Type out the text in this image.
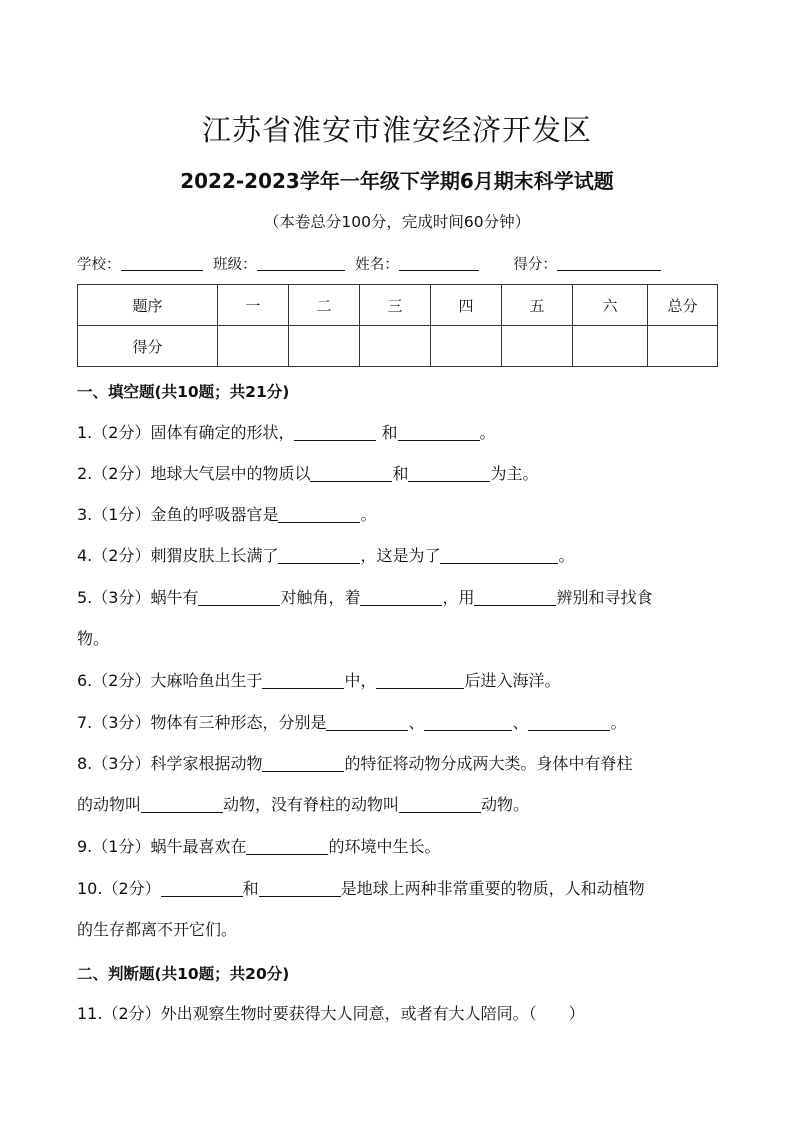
江苏省淮安市淮安经济开发区
2022-2023学年一年级下学期6月期末科学试题
（本卷总分100分，完成时间60分钟）
学校：	班级：	姓名：	得分：
题序	一	二	三	四	五	六	总分
得分							
一、填空题(共10题；共21分)
1.（2分）固体有确定的形状，	和	。
2.（2分）地球大气层中的物质以	和	为主。
3.（1分）金鱼的呼吸器官是	。
4.（2分）刺猬皮肤上长满了	，这是为了	。
5.（3分）蜗牛有	对触角，着	，用	辨别和寻找食
物。
6.（2分）大麻哈鱼出生于	中，	后进入海洋。
7.（3分）物体有三种形态，分别是	、	、	。
8.（3分）科学家根据动物	的特征将动物分成两大类。身体中有脊柱
的动物叫	动物，没有脊柱的动物叫	动物。
9.（1分）蜗牛最喜欢在	的环境中生长。
10.（2分）	和	是地球上两种非常重要的物质，人和动植物
的生存都离不开它们。
二、判断题(共10题；共20分)
11.（2分）外出观察生物时要获得大人同意，或者有大人陪同。（　　）
